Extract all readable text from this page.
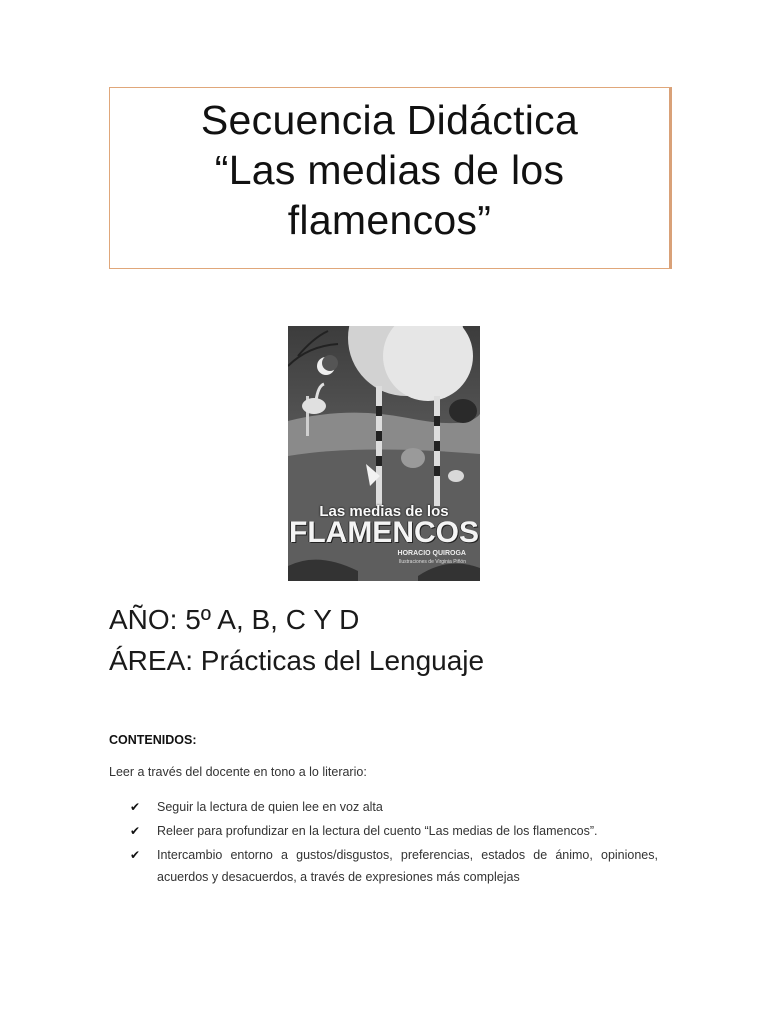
Secuencia Didáctica
“Las medias de los
flamencos”
Las medias de los
FLAMENCOS
HORACIO QUIROGA
Ilustraciones de Virginia Piñón
AÑO: 5º A, B, C Y D
ÁREA: Prácticas del Lenguaje
CONTENIDOS:
Leer a través del docente en tono a lo literario:
✔ Seguir la lectura de quien lee en voz alta
✔ Releer para profundizar en la lectura del cuento “Las medias de los flamencos”.
✔ Intercambio entorno a gustos/disgustos, preferencias, estados de ánimo, opiniones, acuerdos y desacuerdos, a través de expresiones más complejas
